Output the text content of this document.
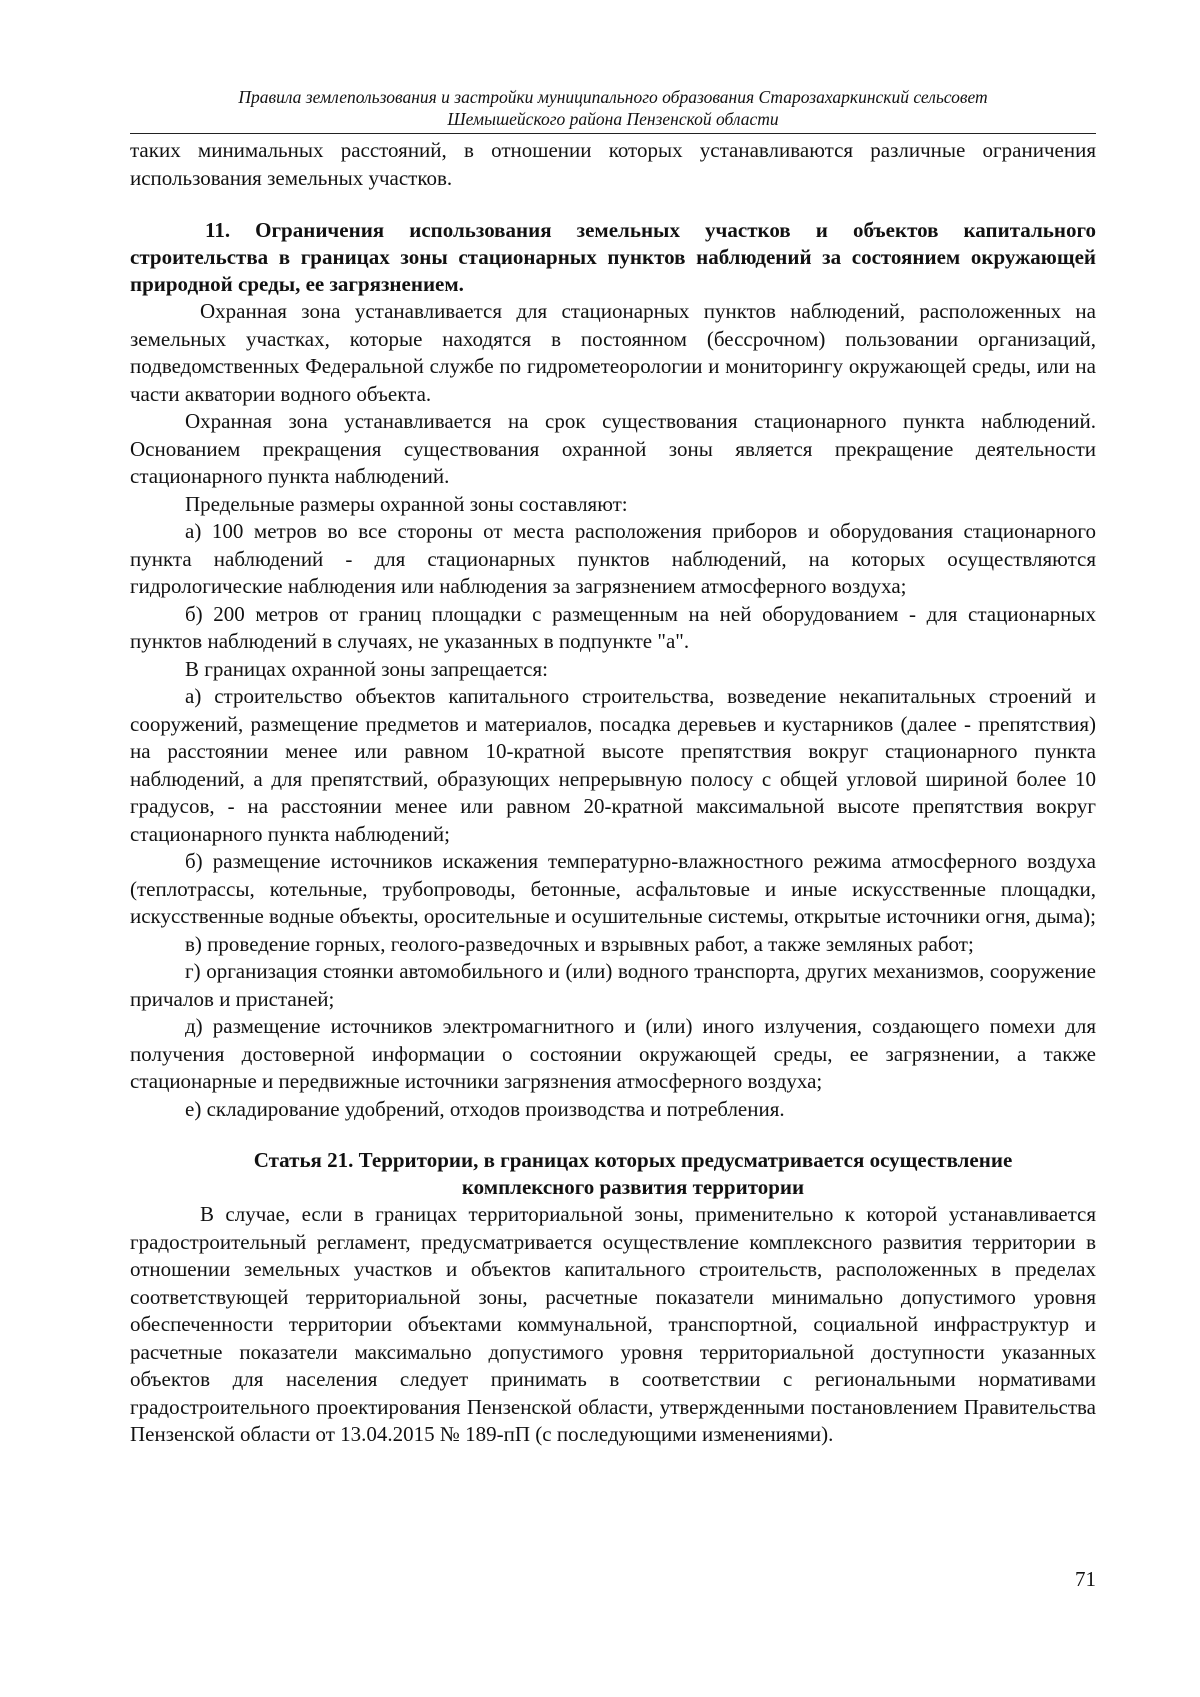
Правила землепользования и застройки муниципального образования Старозахаркинский сельсовет
Шемышейского района Пензенской области

таких минимальных расстояний, в отношении которых устанавливаются различные ограничения использования земельных участков.

11. Ограничения использования земельных участков и объектов капитального строительства в границах зоны стационарных пунктов наблюдений за состоянием окружающей природной среды, ее загрязнением.

Охранная зона устанавливается для стационарных пунктов наблюдений, расположенных на земельных участках, которые находятся в постоянном (бессрочном) пользовании организаций, подведомственных Федеральной службе по гидрометеорологии и мониторингу окружающей среды, или на части акватории водного объекта.

Охранная зона устанавливается на срок существования стационарного пункта наблюдений. Основанием прекращения существования охранной зоны является прекращение деятельности стационарного пункта наблюдений.

Предельные размеры охранной зоны составляют:

а) 100 метров во все стороны от места расположения приборов и оборудования стационарного пункта наблюдений - для стационарных пунктов наблюдений, на которых осуществляются гидрологические наблюдения или наблюдения за загрязнением атмосферного воздуха;

б) 200 метров от границ площадки с размещенным на ней оборудованием - для стационарных пунктов наблюдений в случаях, не указанных в подпункте "а".

В границах охранной зоны запрещается:

а) строительство объектов капитального строительства, возведение некапитальных строений и сооружений, размещение предметов и материалов, посадка деревьев и кустарников (далее - препятствия) на расстоянии менее или равном 10-кратной высоте препятствия вокруг стационарного пункта наблюдений, а для препятствий, образующих непрерывную полосу с общей угловой шириной более 10 градусов, - на расстоянии менее или равном 20-кратной максимальной высоте препятствия вокруг стационарного пункта наблюдений;

б) размещение источников искажения температурно-влажностного режима атмосферного воздуха (теплотрассы, котельные, трубопроводы, бетонные, асфальтовые и иные искусственные площадки, искусственные водные объекты, оросительные и осушительные системы, открытые источники огня, дыма);

в) проведение горных, геолого-разведочных и взрывных работ, а также земляных работ;

г) организация стоянки автомобильного и (или) водного транспорта, других механизмов, сооружение причалов и пристаней;

д) размещение источников электромагнитного и (или) иного излучения, создающего помехи для получения достоверной информации о состоянии окружающей среды, ее загрязнении, а также стационарные и передвижные источники загрязнения атмосферного воздуха;

е) складирование удобрений, отходов производства и потребления.

Статья 21. Территории, в границах которых предусматривается осуществление
комплексного развития территории

В случае, если в границах территориальной зоны, применительно к которой устанавливается градостроительный регламент, предусматривается осуществление комплексного развития территории в отношении земельных участков и объектов капитального строительств, расположенных в пределах соответствующей территориальной зоны, расчетные показатели минимально допустимого уровня обеспеченности территории объектами коммунальной, транспортной, социальной инфраструктур и расчетные показатели максимально допустимого уровня территориальной доступности указанных объектов для населения следует принимать в соответствии с региональными нормативами градостроительного проектирования Пензенской области, утвержденными постановлением Правительства Пензенской области от 13.04.2015 № 189-пП (с последующими изменениями).

71
